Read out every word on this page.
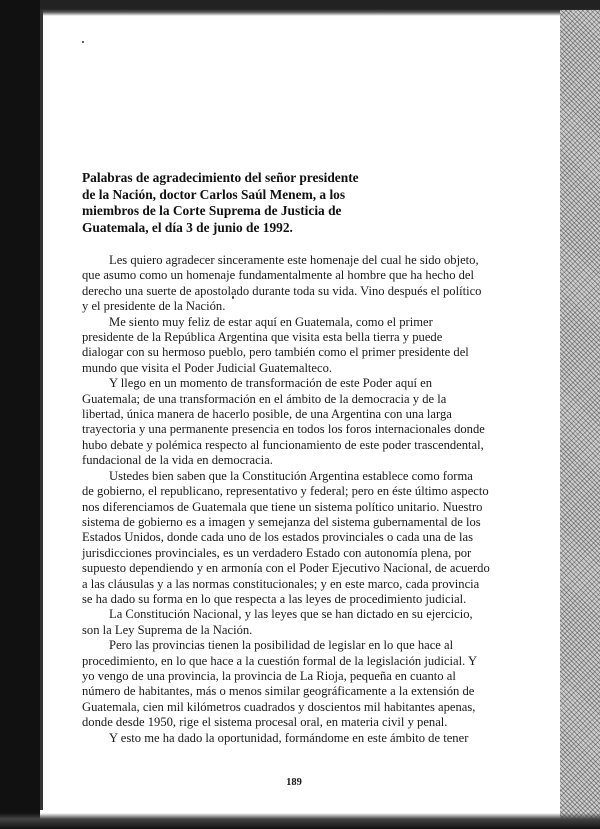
Palabras de agradecimiento del señor presidente
de la Nación, doctor Carlos Saúl Menem, a los
miembros de la Corte Suprema de Justicia de
Guatemala, el día 3 de junio de 1992.
Les quiero agradecer sinceramente este homenaje del cual he sido objeto,
que asumo como un homenaje fundamentalmente al hombre que ha hecho del
derecho una suerte de apostolado durante toda su vida. Vino después el político
y el presidente de la Nación.
Me siento muy feliz de estar aquí en Guatemala, como el primer
presidente de la República Argentina que visita esta bella tierra y puede
dialogar con su hermoso pueblo, pero también como el primer presidente del
mundo que visita el Poder Judicial Guatemalteco.
Y llego en un momento de transformación de este Poder aquí en
Guatemala; de una transformación en el ámbito de la democracia y de la
libertad, única manera de hacerlo posible, de una Argentina con una larga
trayectoria y una permanente presencia en todos los foros internacionales donde
hubo debate y polémica respecto al funcionamiento de este poder trascendental,
fundacional de la vida en democracia.
Ustedes bien saben que la Constitución Argentina establece como forma
de gobierno, el republicano, representativo y federal; pero en éste último aspecto
nos diferenciamos de Guatemala que tiene un sistema político unitario. Nuestro
sistema de gobierno es a imagen y semejanza del sistema gubernamental de los
Estados Unidos, donde cada uno de los estados provinciales o cada una de las
jurisdicciones provinciales, es un verdadero Estado con autonomía plena, por
supuesto dependiendo y en armonía con el Poder Ejecutivo Nacional, de acuerdo
a las cláusulas y a las normas constitucionales; y en este marco, cada provincia
se ha dado su forma en lo que respecta a las leyes de procedimiento judicial.
La Constitución Nacional, y las leyes que se han dictado en su ejercicio,
son la Ley Suprema de la Nación.
Pero las provincias tienen la posibilidad de legislar en lo que hace al
procedimiento, en lo que hace a la cuestión formal de la legislación judicial. Y
yo vengo de una provincia, la provincia de La Rioja, pequeña en cuanto al
número de habitantes, más o menos similar geográficamente a la extensión de
Guatemala, cien mil kilómetros cuadrados y doscientos mil habitantes apenas,
donde desde 1950, rige el sistema procesal oral, en materia civil y penal.
Y esto me ha dado la oportunidad, formándome en este ámbito de tener
189
